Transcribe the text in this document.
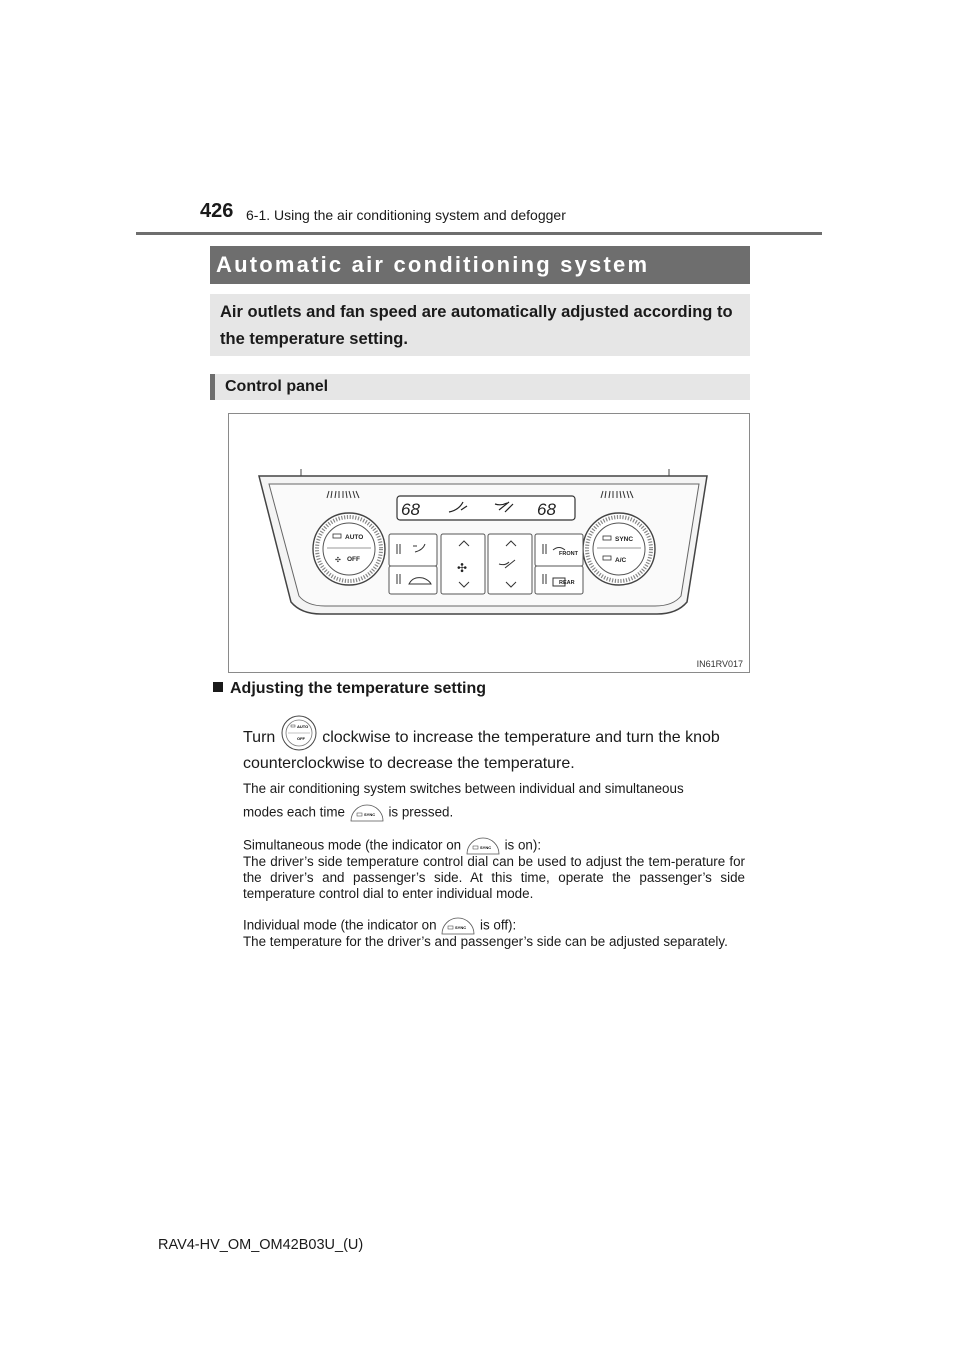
426 6-1. Using the air conditioning system and defogger
Automatic air conditioning system
Air outlets and fan speed are automatically adjusted according to the temperature setting.
Control panel
68	68
AUTO
✣ OFF
SYNC
A/C
✣
FRONT
REAR
IN61RV017
Adjusting the temperature setting
Turn
AUTO
OFF clockwise to increase the temperature and turn the knob
counterclockwise to decrease the temperature.
The air conditioning system switches between individual and simultaneous
modes each time	SYNC is pressed.
Simultaneous mode (the indicator on	SYNC is on):
The driver’s side temperature control dial can be used to adjust the tem-perature for the driver’s and passenger’s side. At this time, operate the passenger’s side temperature control dial to enter individual mode.
Individual mode (the indicator on	SYNC is off):
The temperature for the driver’s and passenger’s side can be adjusted separately.
RAV4-HV_OM_OM42B03U_(U)
